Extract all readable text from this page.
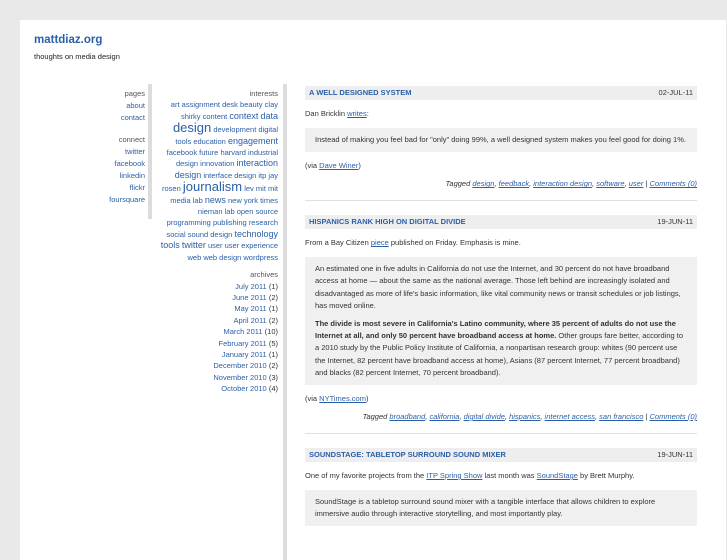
mattdiaz.org
thoughts on media design
pages
about
contact
connect
twitter
facebook
linkedin
flickr
foursquare
interests
art assignment desk beauty clay shirky content context data design development digital tools education engagement facebook future harvard industrial design innovation interaction design interface design itp jay rosen journalism lev mit mit media lab news new york times nieman lab open source programming publishing research social sound design technology tools twitter user user experience web web design wordpress
archives
July 2011 (1)
June 2011 (2)
May 2011 (1)
April 2011 (2)
March 2011 (10)
February 2011 (5)
January 2011 (1)
December 2010 (2)
November 2010 (3)
October 2010 (4)
A WELL DESIGNED SYSTEM	02-JUL-11

Dan Bricklin writes:

Instead of making you feel bad for "only" doing 99%, a well designed system makes you feel good for doing 1%.

(via Dave Winer)

Tagged design, feedback, interaction design, software, user | Comments (0)
HISPANICS RANK HIGH ON DIGITAL DIVIDE	19-JUN-11

From a Bay Citizen piece published on Friday. Emphasis is mine.

An estimated one in five adults in California do not use the Internet, and 30 percent do not have broadband access at home — about the same as the national average. Those left behind are increasingly isolated and disadvantaged as more of life's basic information, like vital community news or transit schedules or job listings, has moved online.

The divide is most severe in California's Latino community, where 35 percent of adults do not use the Internet at all, and only 50 percent have broadband access at home. Other groups fare better, according to a 2010 study by the Public Policy Institute of California, a nonpartisan research group: whites (90 percent use the Internet, 82 percent have broadband access at home), Asians (87 percent Internet, 77 percent broadband) and blacks (82 percent Internet, 70 percent broadband).

(via NYTimes.com)

Tagged broadband, california, digital divide, hispanics, internet access, san francisco | Comments (0)
SOUNDSTAGE: TABLETOP SURROUND SOUND MIXER	19-JUN-11

One of my favorite projects from the ITP Spring Show last month was SoundStage by Brett Murphy.

SoundStage is a tabletop surround sound mixer with a tangible interface that allows children to explore immersive audio through interactive storytelling, and most importantly play.
